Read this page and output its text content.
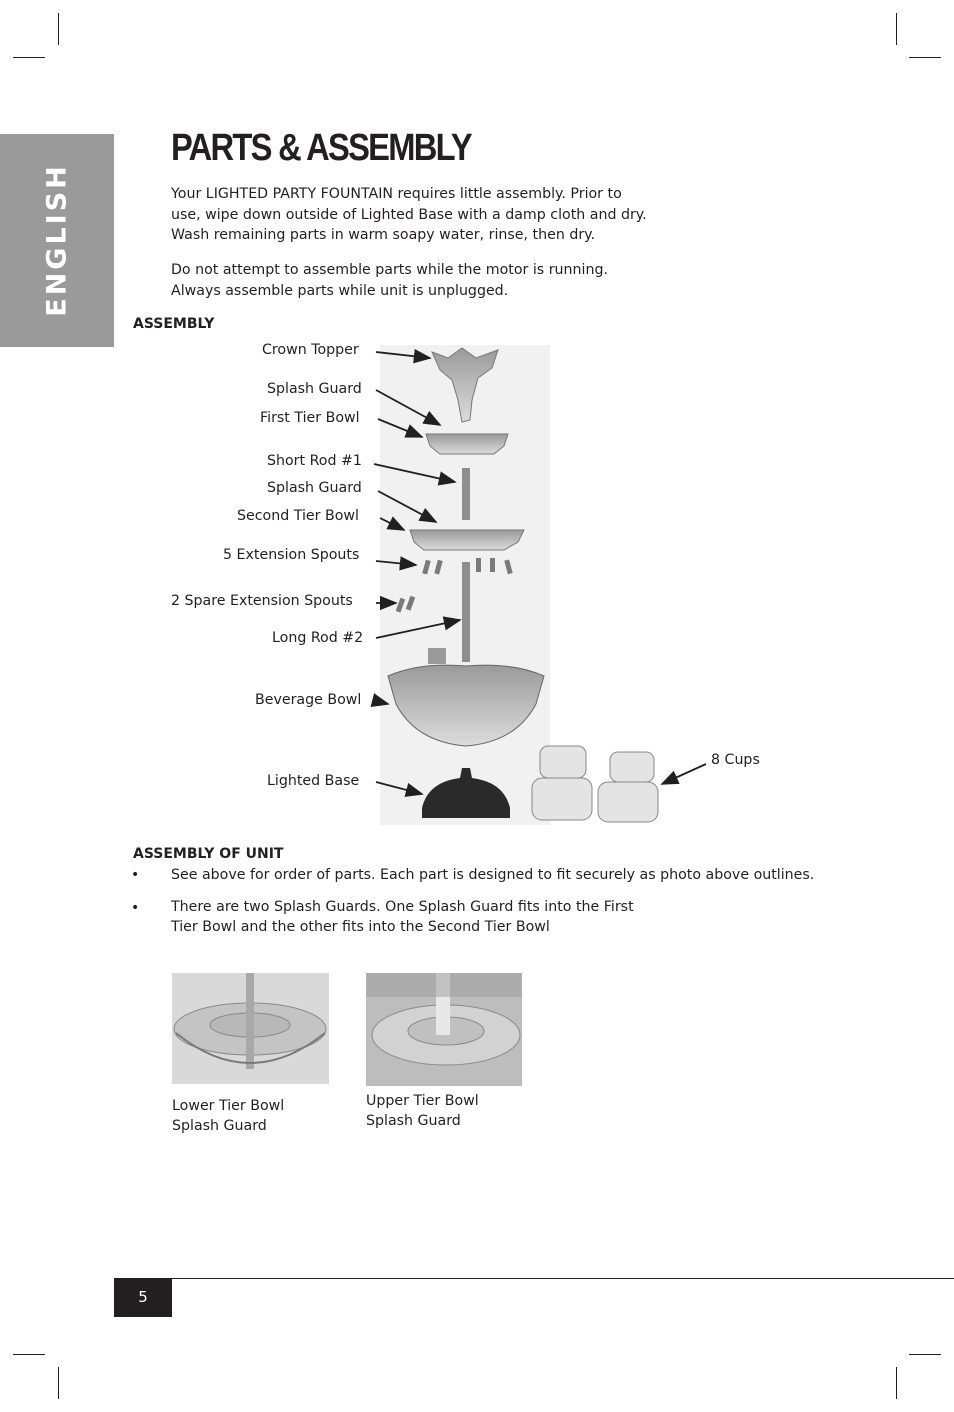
ENGLISH
PARTS & ASSEMBLY
Your LIGHTED PARTY FOUNTAIN requires little assembly. Prior to
use, wipe down outside of Lighted Base with a damp cloth and dry.
Wash remaining parts in warm soapy water, rinse, then dry.
Do not attempt to assemble parts while the motor is running.
Always assemble parts while unit is unplugged.
ASSEMBLY
Crown Topper
Splash Guard
First Tier Bowl
Short Rod #1
Splash Guard
Second Tier Bowl
5 Extension Spouts
2 Spare Extension Spouts
Long Rod #2
Beverage Bowl
Lighted Base
8 Cups
ASSEMBLY OF UNIT
• See above for order of parts. Each part is designed to fit securely as photo above outlines.
• There are two Splash Guards. One Splash Guard fits into the First
Tier Bowl and the other fits into the Second Tier Bowl
Lower Tier Bowl
Splash Guard
Upper Tier Bowl
Splash Guard
5
